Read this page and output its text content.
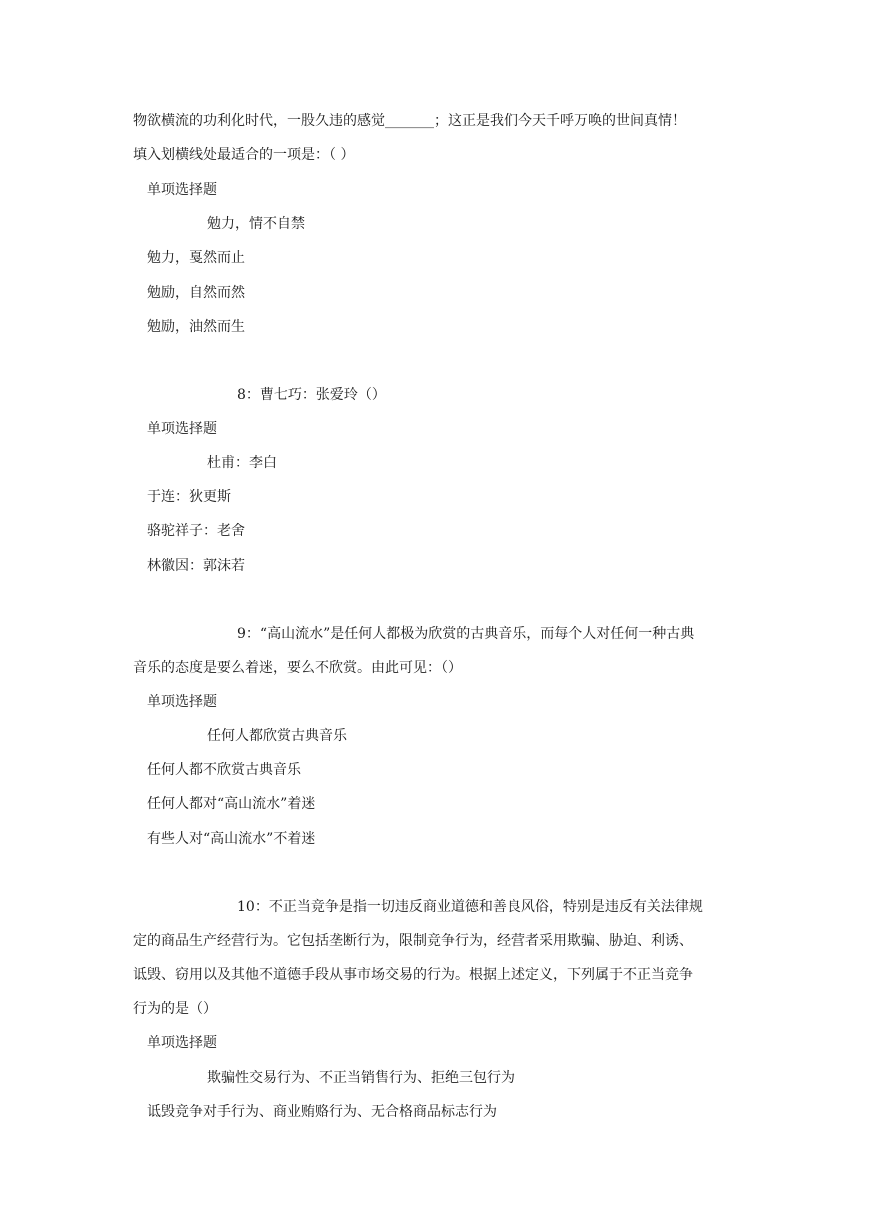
物欲横流的功利化时代，一股久违的感觉_______；这正是我们今天千呼万唤的世间真情！
填入划横线处最适合的一项是：（ ）
单项选择题
勉力，情不自禁
勉力，戛然而止
勉励，自然而然
勉励，油然而生
8：曹七巧：张爱玲（）
单项选择题
杜甫：李白
于连：狄更斯
骆驼祥子：老舍
林徽因：郭沫若
9：“高山流水”是任何人都极为欣赏的古典音乐，而每个人对任何一种古典
音乐的态度是要么着迷，要么不欣赏。由此可见：（）
单项选择题
任何人都欣赏古典音乐
任何人都不欣赏古典音乐
任何人都对“高山流水”着迷
有些人对“高山流水”不着迷
10：不正当竞争是指一切违反商业道德和善良风俗，特别是违反有关法律规
定的商品生产经营行为。它包括垄断行为，限制竞争行为，经营者采用欺骗、胁迫、利诱、
诋毁、窃用以及其他不道德手段从事市场交易的行为。根据上述定义，下列属于不正当竞争
行为的是（）
单项选择题
欺骗性交易行为、不正当销售行为、拒绝三包行为
诋毁竞争对手行为、商业贿赂行为、无合格商品标志行为
